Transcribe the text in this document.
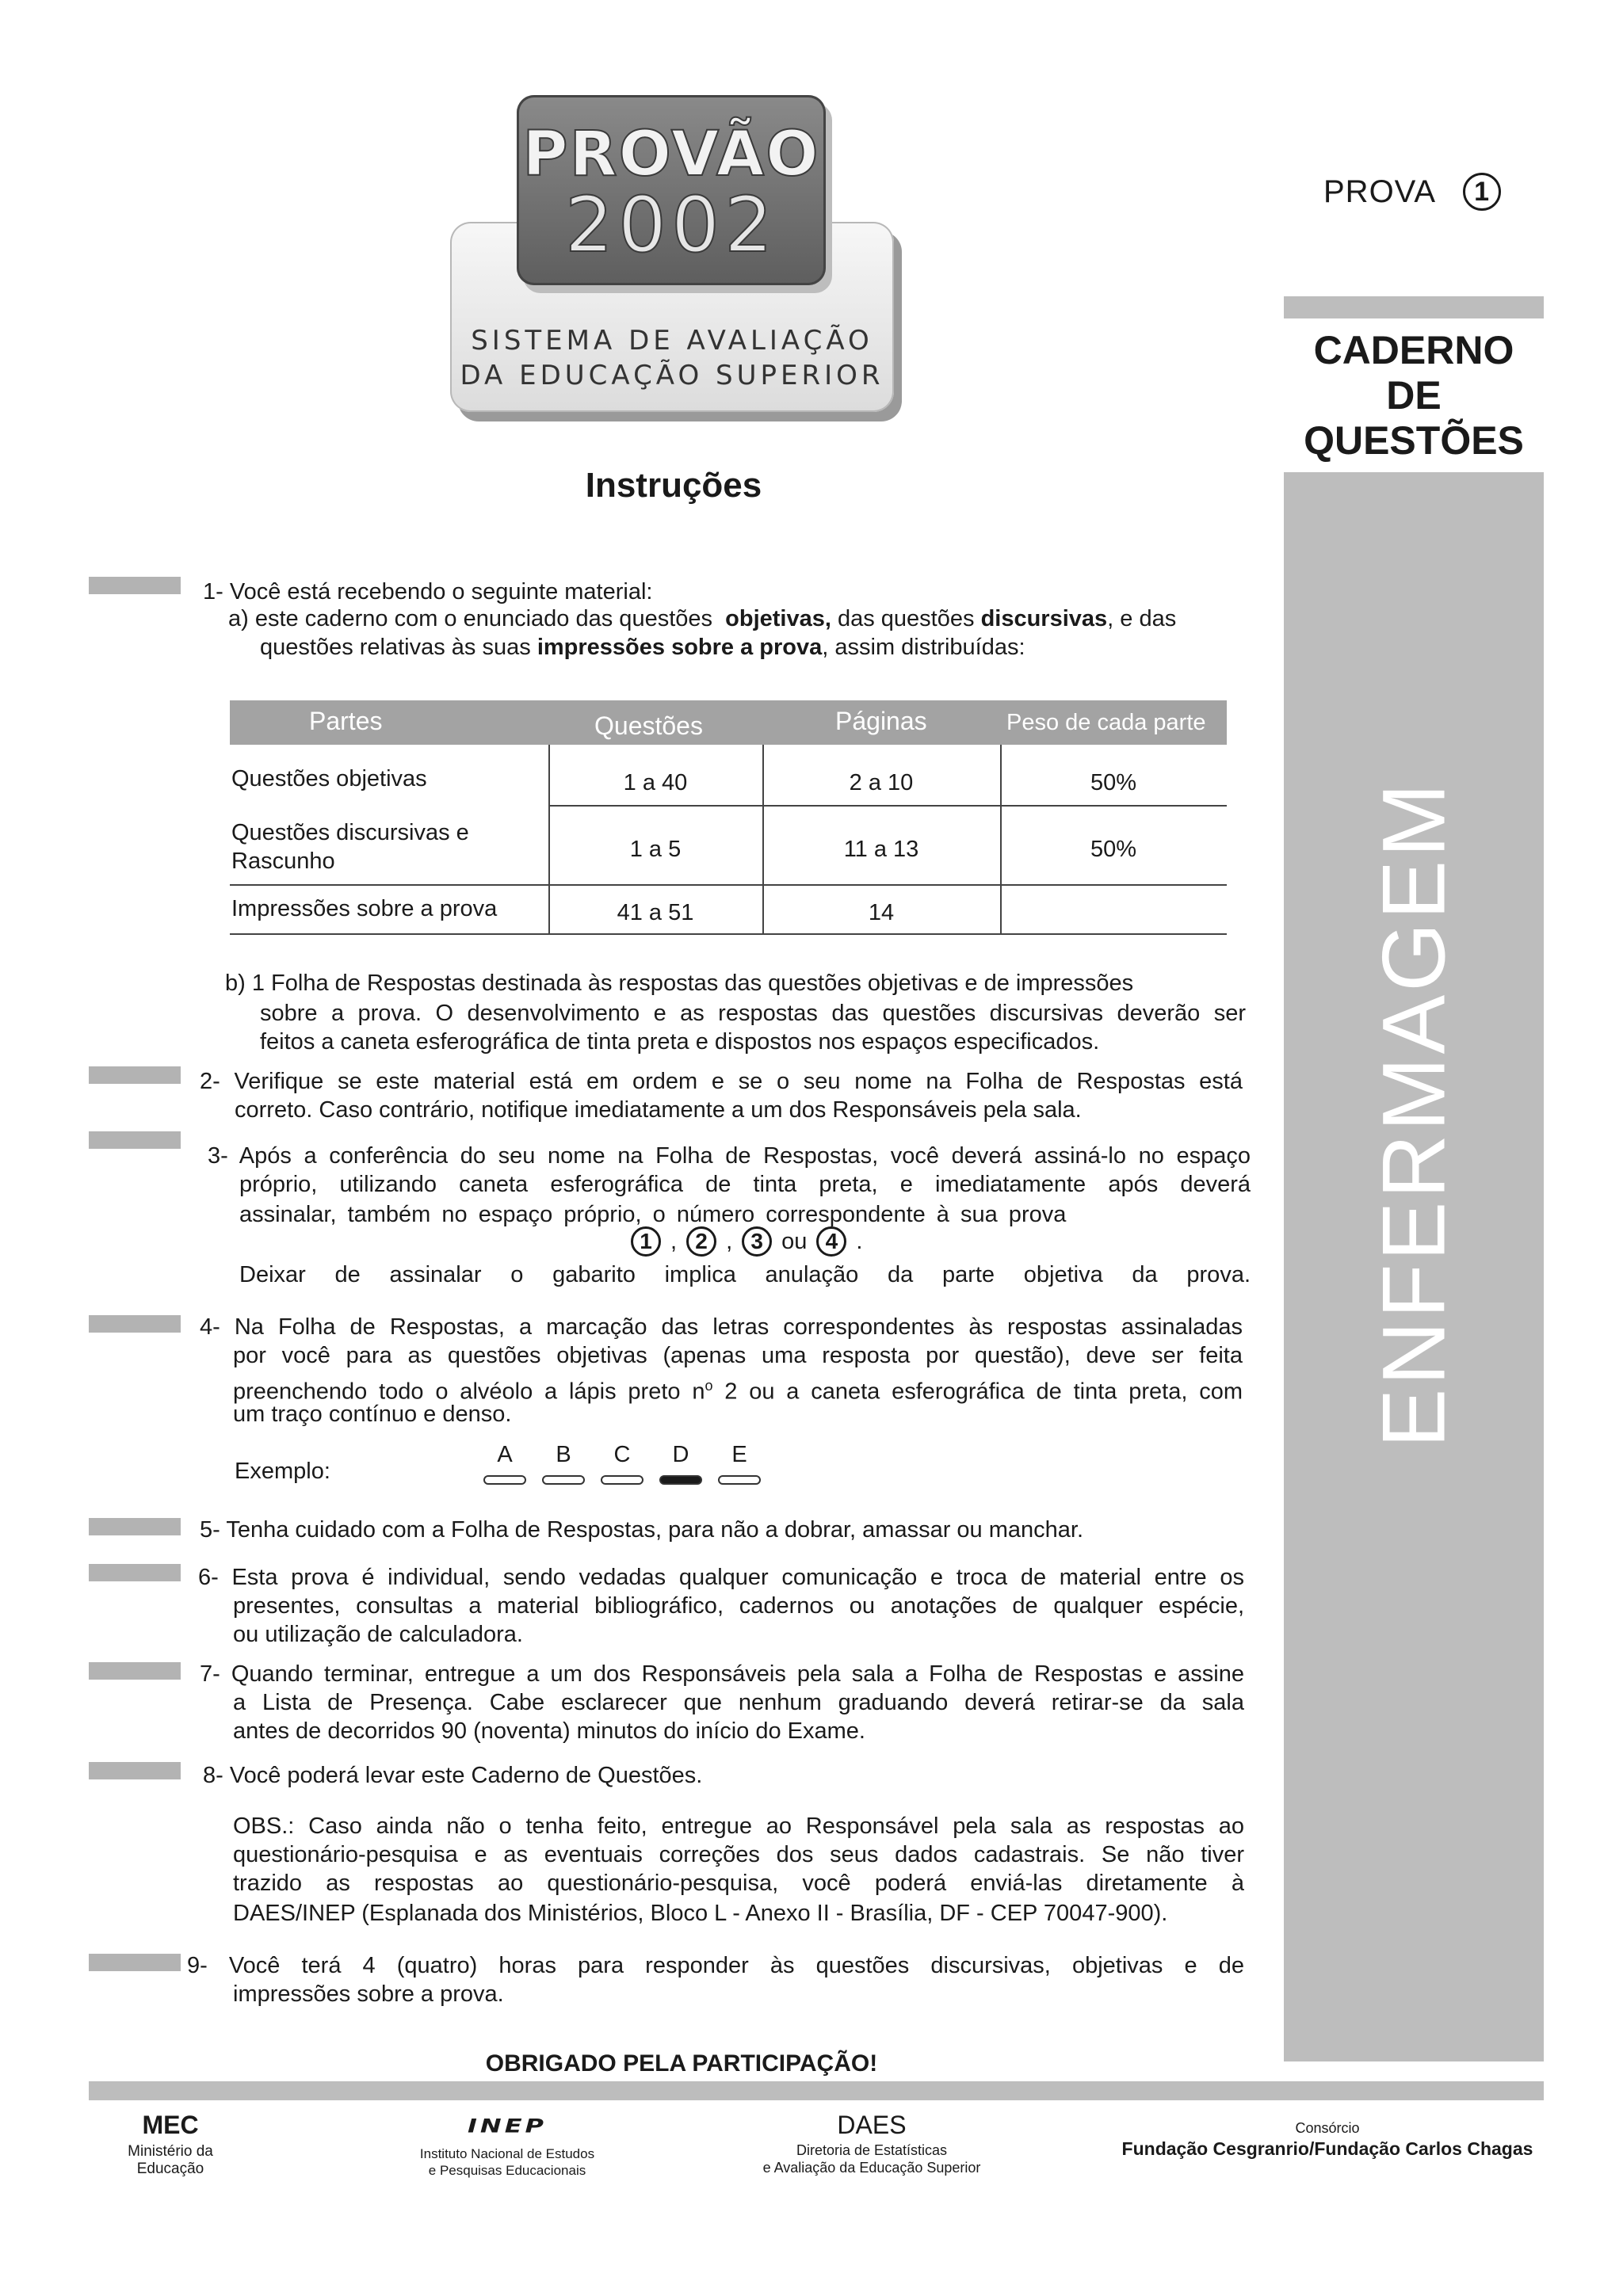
PROVÃO
2002
SISTEMA DE AVALIAÇÃO
DA EDUCAÇÃO SUPERIOR
PROVA	1
CADERNO
DE
QUESTÕES
ENFERMAGEM
Instruções
1- Você está recebendo o seguinte material:
a) este caderno com o enunciado das questões objetivas, das questões discursivas, e das
questões relativas às suas impressões sobre a prova, assim distribuídas:
Partes	Questões	Páginas	Peso de cada parte
Questões objetivas	1 a 40	2 a 10	50%
Questões discursivas e
Rascunho	1 a 5	11 a 13	50%
Impressões sobre a prova	41 a 51	14
b) 1 Folha de Respostas destinada às respostas das questões objetivas e de impressões
sobre a prova. O desenvolvimento e as respostas das questões discursivas deverão ser
feitos a caneta esferográfica de tinta preta e dispostos nos espaços especificados.
2- Verifique se este material está em ordem e se o seu nome na Folha de Respostas está
correto. Caso contrário, notifique imediatamente a um dos Responsáveis pela sala.
3- Após a conferência do seu nome na Folha de Respostas, você deverá assiná-lo no espaço
próprio, utilizando caneta esferográfica de tinta preta, e imediatamente após deverá
assinalar, também no espaço próprio, o número correspondente à sua prova
1 , 2 , 3 ou 4 .
Deixar de assinalar o gabarito implica anulação da parte objetiva da prova.
4- Na Folha de Respostas, a marcação das letras correspondentes às respostas assinaladas
por você para as questões objetivas (apenas uma resposta por questão), deve ser feita
preenchendo todo o alvéolo a lápis preto $n^o$ 2 ou a caneta esferográfica de tinta preta, com
um traço contínuo e denso.
Exemplo:
A	B	C	D	E
5- Tenha cuidado com a Folha de Respostas, para não a dobrar, amassar ou manchar.
6- Esta prova é individual, sendo vedadas qualquer comunicação e troca de material entre os
presentes, consultas a material bibliográfico, cadernos ou anotações de qualquer espécie,
ou utilização de calculadora.
7- Quando terminar, entregue a um dos Responsáveis pela sala a Folha de Respostas e assine
a Lista de Presença. Cabe esclarecer que nenhum graduando deverá retirar-se da sala
antes de decorridos 90 (noventa) minutos do início do Exame.
8- Você poderá levar este Caderno de Questões.
OBS.: Caso ainda não o tenha feito, entregue ao Responsável pela sala as respostas ao
questionário-pesquisa e as eventuais correções dos seus dados cadastrais. Se não tiver
trazido as respostas ao questionário-pesquisa, você poderá enviá-las diretamente à
DAES/INEP (Esplanada dos Ministérios, Bloco L - Anexo II - Brasília, DF - CEP 70047-900).
9- Você terá 4 (quatro) horas para responder às questões discursivas, objetivas e de
impressões sobre a prova.
OBRIGADO PELA PARTICIPAÇÃO!
MEC
Ministério da
Educação
INEP
Instituto Nacional de Estudos
e Pesquisas Educacionais
DAES
Diretoria de Estatísticas
e Avaliação da Educação Superior
Consórcio
Fundação Cesgranrio/Fundação Carlos Chagas
